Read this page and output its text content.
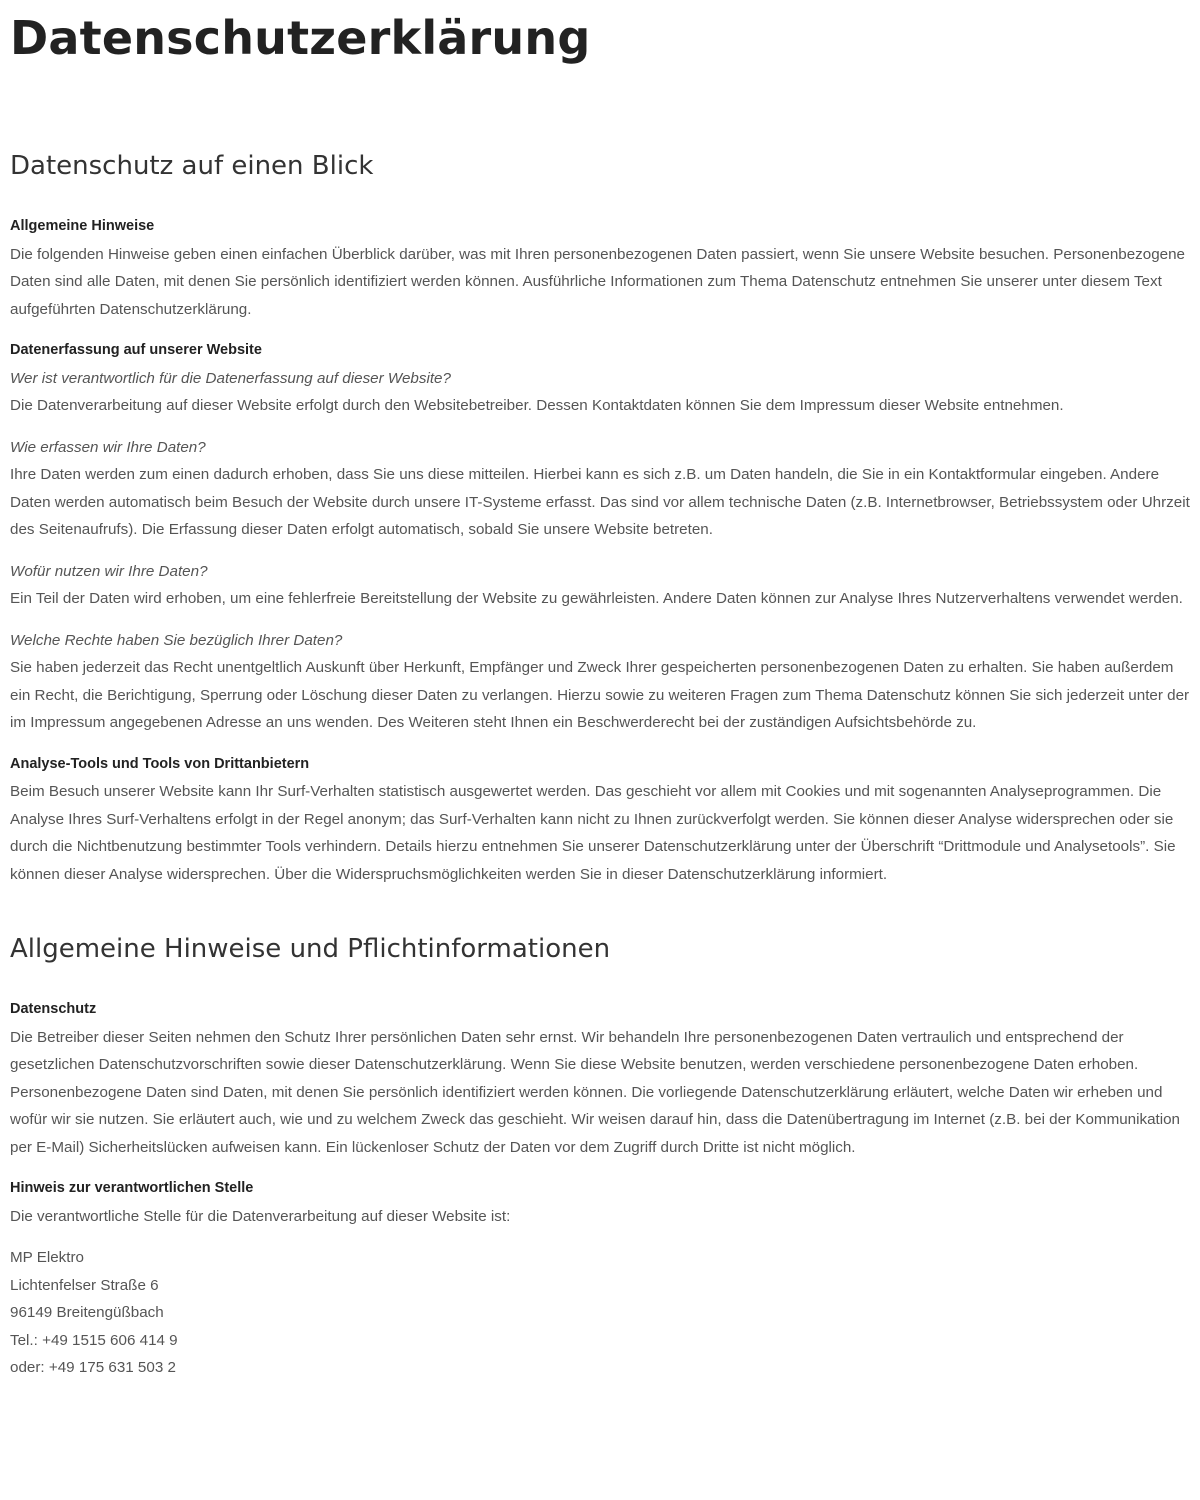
Datenschutzerklärung
Datenschutz auf einen Blick
Allgemeine Hinweise

Die folgenden Hinweise geben einen einfachen Überblick darüber, was mit Ihren personenbezogenen Daten passiert, wenn Sie unsere Website besuchen. Personenbezogene Daten sind alle Daten, mit denen Sie persönlich identifiziert werden können. Ausführliche Informationen zum Thema Datenschutz entnehmen Sie unserer unter diesem Text aufgeführten Datenschutzerklärung.

Datenerfassung auf unserer Website
Wer ist verantwortlich für die Datenerfassung auf dieser Website?

Die Datenverarbeitung auf dieser Website erfolgt durch den Websitebetreiber. Dessen Kontaktdaten können Sie dem Impressum dieser Website entnehmen.

Wie erfassen wir Ihre Daten?

Ihre Daten werden zum einen dadurch erhoben, dass Sie uns diese mitteilen. Hierbei kann es sich z.B. um Daten handeln, die Sie in ein Kontaktformular eingeben. Andere Daten werden automatisch beim Besuch der Website durch unsere IT-Systeme erfasst. Das sind vor allem technische Daten (z.B. Internetbrowser, Betriebssystem oder Uhrzeit des Seitenaufrufs). Die Erfassung dieser Daten erfolgt automatisch, sobald Sie unsere Website betreten.

Wofür nutzen wir Ihre Daten?

Ein Teil der Daten wird erhoben, um eine fehlerfreie Bereitstellung der Website zu gewährleisten. Andere Daten können zur Analyse Ihres Nutzerverhaltens verwendet werden.

Welche Rechte haben Sie bezüglich Ihrer Daten?

Sie haben jederzeit das Recht unentgeltlich Auskunft über Herkunft, Empfänger und Zweck Ihrer gespeicherten personenbezogenen Daten zu erhalten. Sie haben außerdem ein Recht, die Berichtigung, Sperrung oder Löschung dieser Daten zu verlangen. Hierzu sowie zu weiteren Fragen zum Thema Datenschutz können Sie sich jederzeit unter der im Impressum angegebenen Adresse an uns wenden. Des Weiteren steht Ihnen ein Beschwerderecht bei der zuständigen Aufsichtsbehörde zu.

Analyse-Tools und Tools von Drittanbietern

Beim Besuch unserer Website kann Ihr Surf-Verhalten statistisch ausgewertet werden. Das geschieht vor allem mit Cookies und mit sogenannten Analyseprogrammen. Die Analyse Ihres Surf-Verhaltens erfolgt in der Regel anonym; das Surf-Verhalten kann nicht zu Ihnen zurückverfolgt werden. Sie können dieser Analyse widersprechen oder sie durch die Nichtbenutzung bestimmter Tools verhindern. Details hierzu entnehmen Sie unserer Datenschutzerklärung unter der Überschrift “Drittmodule und Analysetools”. Sie können dieser Analyse widersprechen. Über die Widerspruchsmöglichkeiten werden Sie in dieser Datenschutzerklärung informiert.

Allgemeine Hinweise und Pflichtinformationen
Datenschutz

Die Betreiber dieser Seiten nehmen den Schutz Ihrer persönlichen Daten sehr ernst. Wir behandeln Ihre personenbezogenen Daten vertraulich und entsprechend der gesetzlichen Datenschutzvorschriften sowie dieser Datenschutzerklärung. Wenn Sie diese Website benutzen, werden verschiedene personenbezogene Daten erhoben. Personenbezogene Daten sind Daten, mit denen Sie persönlich identifiziert werden können. Die vorliegende Datenschutzerklärung erläutert, welche Daten wir erheben und wofür wir sie nutzen. Sie erläutert auch, wie und zu welchem Zweck das geschieht. Wir weisen darauf hin, dass die Datenübertragung im Internet (z.B. bei der Kommunikation per E-Mail) Sicherheitslücken aufweisen kann. Ein lückenloser Schutz der Daten vor dem Zugriff durch Dritte ist nicht möglich.

Hinweis zur verantwortlichen Stelle

Die verantwortliche Stelle für die Datenverarbeitung auf dieser Website ist:

MP Elektro
Lichtenfelser Straße 6
96149 Breitengüßbach
Tel.: +49 1515 606 414 9
oder: +49 175 631 503 2
